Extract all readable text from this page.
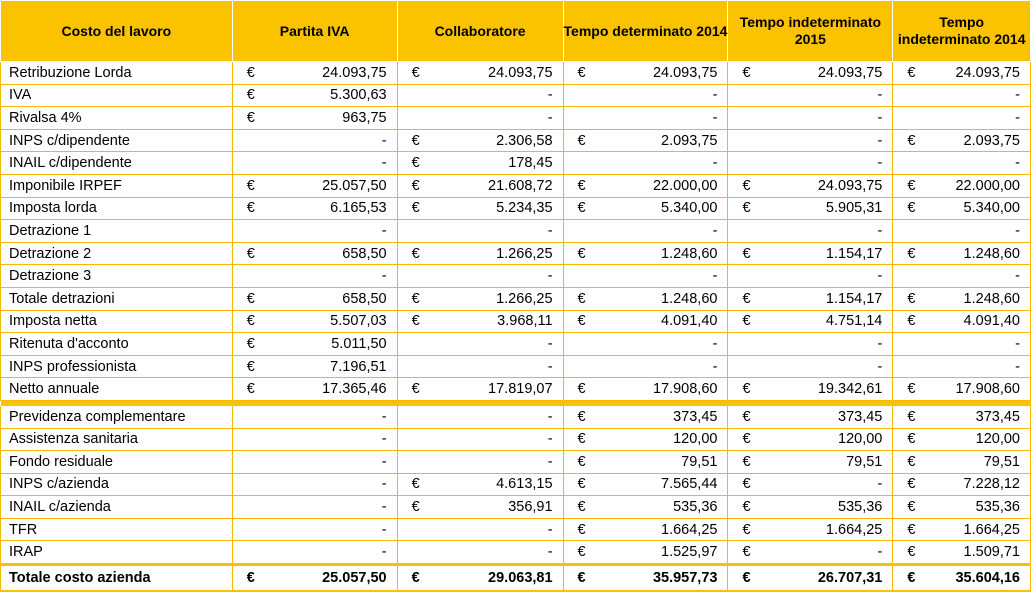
Costo del lavoro	Partita IVA		Collaboratore		Tempo determinato 2014		Tempo indeterminato 2015		Tempo indeterminato 2014	
Retribuzione Lorda	€	24.093,75	€	24.093,75	€	24.093,75	€	24.093,75	€	24.093,75
IVA	€	5.300,63		-		-		-		-
Rivalsa 4%	€	963,75		-		-		-		-
INPS c/dipendente		-	€	2.306,58	€	2.093,75		-	€	2.093,75
INAIL c/dipendente		-	€	178,45		-		-		-
Imponibile IRPEF	€	25.057,50	€	21.608,72	€	22.000,00	€	24.093,75	€	22.000,00
Imposta lorda	€	6.165,53	€	5.234,35	€	5.340,00	€	5.905,31	€	5.340,00
Detrazione 1		-		-		-		-		-
Detrazione 2	€	658,50	€	1.266,25	€	1.248,60	€	1.154,17	€	1.248,60
Detrazione 3		-		-		-		-		-
Totale detrazioni	€	658,50	€	1.266,25	€	1.248,60	€	1.154,17	€	1.248,60
Imposta netta	€	5.507,03	€	3.968,11	€	4.091,40	€	4.751,14	€	4.091,40
Ritenuta d'acconto	€	5.011,50		-		-		-		-
INPS professionista	€	7.196,51		-		-		-		-
Netto annuale	€	17.365,46	€	17.819,07	€	17.908,60	€	19.342,61	€	17.908,60

Previdenza complementare		-		-	€	373,45	€	373,45	€	373,45
Assistenza sanitaria		-		-	€	120,00	€	120,00	€	120,00
Fondo residuale		-		-	€	79,51	€	79,51	€	79,51
INPS c/azienda		-	€	4.613,15	€	7.565,44	€	-	€	7.228,12
INAIL c/azienda		-	€	356,91	€	535,36	€	535,36	€	535,36
TFR		-		-	€	1.664,25	€	1.664,25	€	1.664,25
IRAP		-		-	€	1.525,97	€	-	€	1.509,71
Totale costo azienda	€	25.057,50	€	29.063,81	€	35.957,73	€	26.707,31	€	35.604,16
